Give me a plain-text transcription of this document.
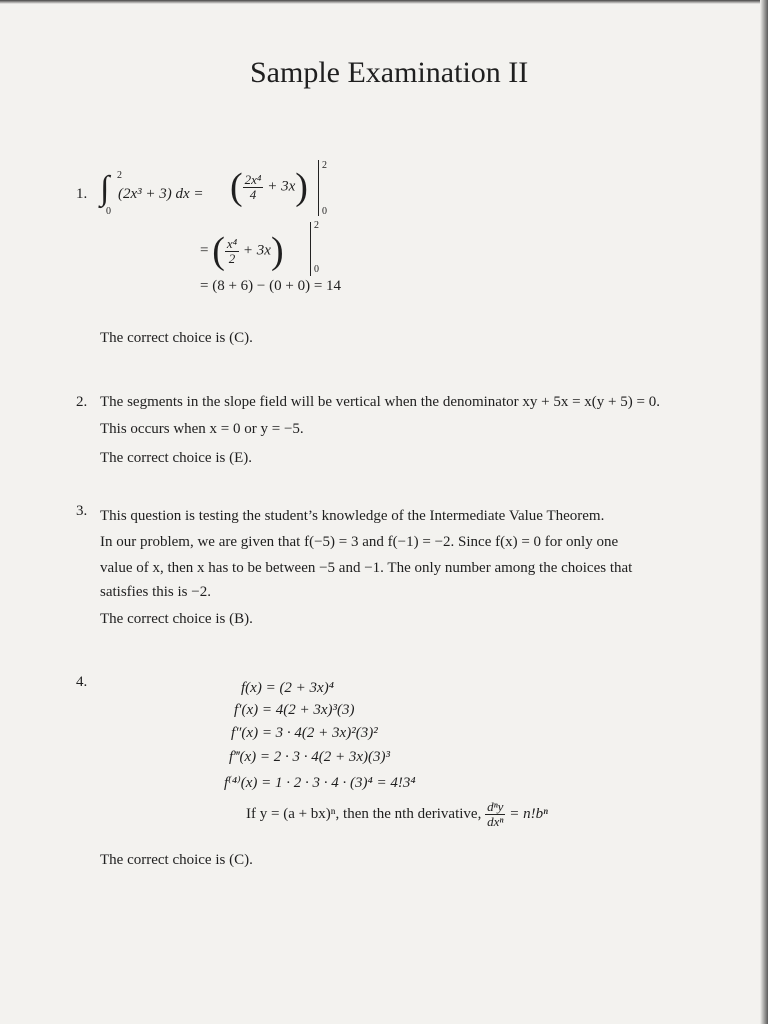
Sample Examination II
1. ∫ 2
0
(2x³ + 3) dx = ( $\frac{\text{2x⁴}}{4} + 3x$)
2
0
= ( $\frac{\text{x⁴}}{2} + 3x$)
2
0
= (8 + 6) − (0 + 0) = 14
The correct choice is (C).
2. The segments in the slope field will be vertical when the denominator xy + 5x = x(y + 5) = 0.
This occurs when x = 0 or y = −5.
The correct choice is (E).
3. This question is testing the student’s knowledge of the Intermediate Value Theorem.
In our problem, we are given that f(−5) = 3 and f(−1) = −2. Since f(x) = 0 for only one
value of x, then x has to be between −5 and −1. The only number among the choices that
satisfies this is −2.
The correct choice is (B).
4.	f(x) = (2 + 3x)⁴
f′(x) = 4(2 + 3x)³(3)
f″(x) = 3 · 4(2 + 3x)²(3)²
f‴(x) = 2 · 3 · 4(2 + 3x)(3)³
f⁽⁴⁾(x) = 1 · 2 · 3 · 4 · (3)⁴ = 4!3⁴
If y = (a + bx)ⁿ, then the nth derivative, $\frac{\text{dⁿy}}{\text{dxⁿ}} = n!b^n$
The correct choice is (C).
